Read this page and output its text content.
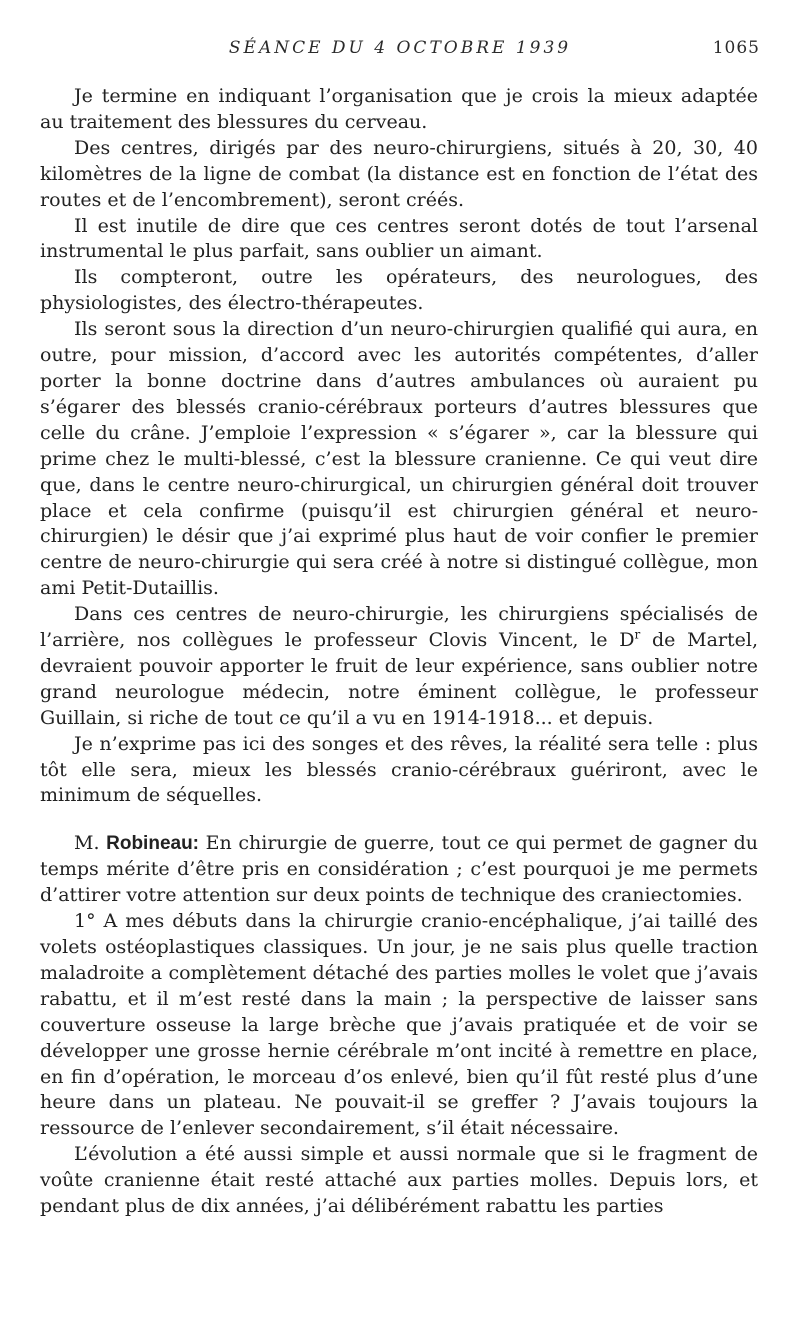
SÉANCE DU 4 OCTOBRE 1939	1065

Je termine en indiquant l’organisation que je crois la mieux adaptée au traitement des blessures du cerveau.

Des centres, dirigés par des neuro-chirurgiens, situés à 20, 30, 40 kilomètres de la ligne de combat (la distance est en fonction de l’état des routes et de l’encombrement), seront créés.

Il est inutile de dire que ces centres seront dotés de tout l’arsenal instrumental le plus parfait, sans oublier un aimant.

Ils compteront, outre les opérateurs, des neurologues, des physiologistes, des électro-thérapeutes.

Ils seront sous la direction d’un neuro-chirurgien qualifié qui aura, en outre, pour mission, d’accord avec les autorités compétentes, d’aller porter la bonne doctrine dans d’autres ambulances où auraient pu s’égarer des blessés cranio-cérébraux porteurs d’autres blessures que celle du crâne. J’emploie l’expression « s’égarer », car la blessure qui prime chez le multi-blessé, c’est la blessure cranienne. Ce qui veut dire que, dans le centre neuro-chirurgical, un chirurgien général doit trouver place et cela confirme (puisqu’il est chirurgien général et neuro-chirurgien) le désir que j’ai exprimé plus haut de voir confier le premier centre de neuro-chirurgie qui sera créé à notre si distingué collègue, mon ami Petit-Dutaillis.

Dans ces centres de neuro-chirurgie, les chirurgiens spécialisés de l’arrière, nos collègues le professeur Clovis Vincent, le $D^r$ de Martel, devraient pouvoir apporter le fruit de leur expérience, sans oublier notre grand neurologue médecin, notre éminent collègue, le professeur Guillain, si riche de tout ce qu’il a vu en 1914-1918... et depuis.

Je n’exprime pas ici des songes et des rêves, la réalité sera telle : plus tôt elle sera, mieux les blessés cranio-cérébraux guériront, avec le minimum de séquelles.

M. Robineau: En chirurgie de guerre, tout ce qui permet de gagner du temps mérite d’être pris en considération ; c’est pourquoi je me permets d’attirer votre attention sur deux points de technique des craniectomies.

1° A mes débuts dans la chirurgie cranio-encéphalique, j’ai taillé des volets ostéoplastiques classiques. Un jour, je ne sais plus quelle traction maladroite a complètement détaché des parties molles le volet que j’avais rabattu, et il m’est resté dans la main ; la perspective de laisser sans couverture osseuse la large brèche que j’avais pratiquée et de voir se développer une grosse hernie cérébrale m’ont incité à remettre en place, en fin d’opération, le morceau d’os enlevé, bien qu’il fût resté plus d’une heure dans un plateau. Ne pouvait-il se greffer ? J’avais toujours la ressource de l’enlever secondairement, s’il était nécessaire.

L’évolution a été aussi simple et aussi normale que si le fragment de voûte cranienne était resté attaché aux parties molles. Depuis lors, et pendant plus de dix années, j’ai délibérément rabattu les parties
